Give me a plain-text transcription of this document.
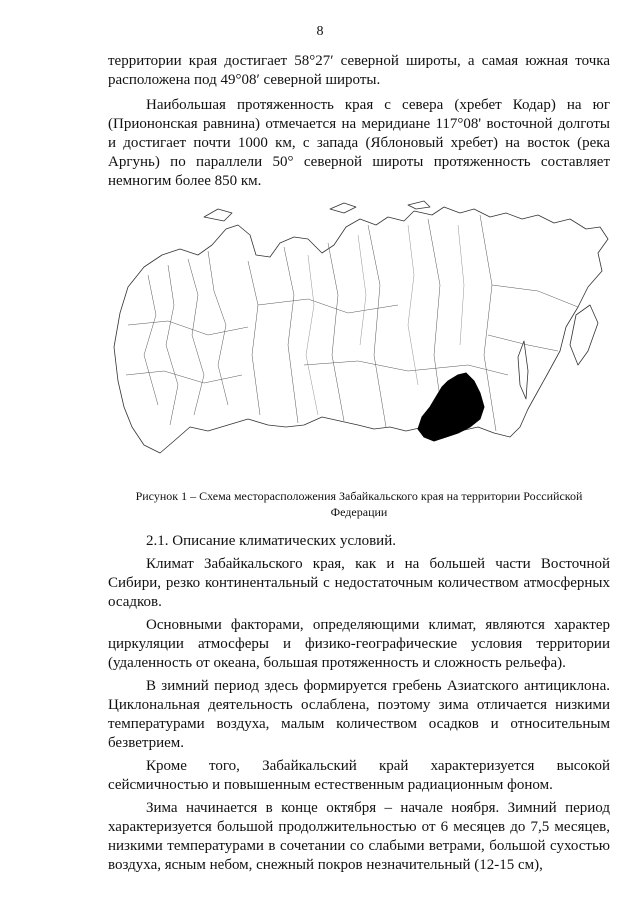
8

территории края достигает 58°27′ северной широты, а самая южная точка расположена под 49°08′ северной широты.

Наибольшая протяженность края с севера (хребет Кодар) на юг (Приононская равнина) отмечается на меридиане 117°08' восточной долготы и достигает почти 1000 км, с запада (Яблоновый хребет) на восток (река Аргунь) по параллели 50° северной широты протяженность составляет немногим более 850 км.

Рисунок 1 – Схема месторасположения Забайкальского края на территории Российской Федерации

2.1. Описание климатических условий.

Климат Забайкальского края, как и на большей части Восточной Сибири, резко континентальный с недостаточным количеством атмосферных осадков.

Основными факторами, определяющими климат, являются характер циркуляции атмосферы и физико-географические условия территории (удаленность от океана, большая протяженность и сложность рельефа).

В зимний период здесь формируется гребень Азиатского антициклона. Циклональная деятельность ослаблена, поэтому зима отличается низкими температурами воздуха, малым количеством осадков и относительным безветрием.

Кроме того, Забайкальский край характеризуется высокой сейсмичностью и повышенным естественным радиационным фоном.

Зима начинается в конце октября – начале ноября. Зимний период характеризуется большой продолжительностью от 6 месяцев до 7,5 месяцев, низкими температурами в сочетании со слабыми ветрами, большой сухостью воздуха, ясным небом, снежный покров незначительный (12-15 см),
